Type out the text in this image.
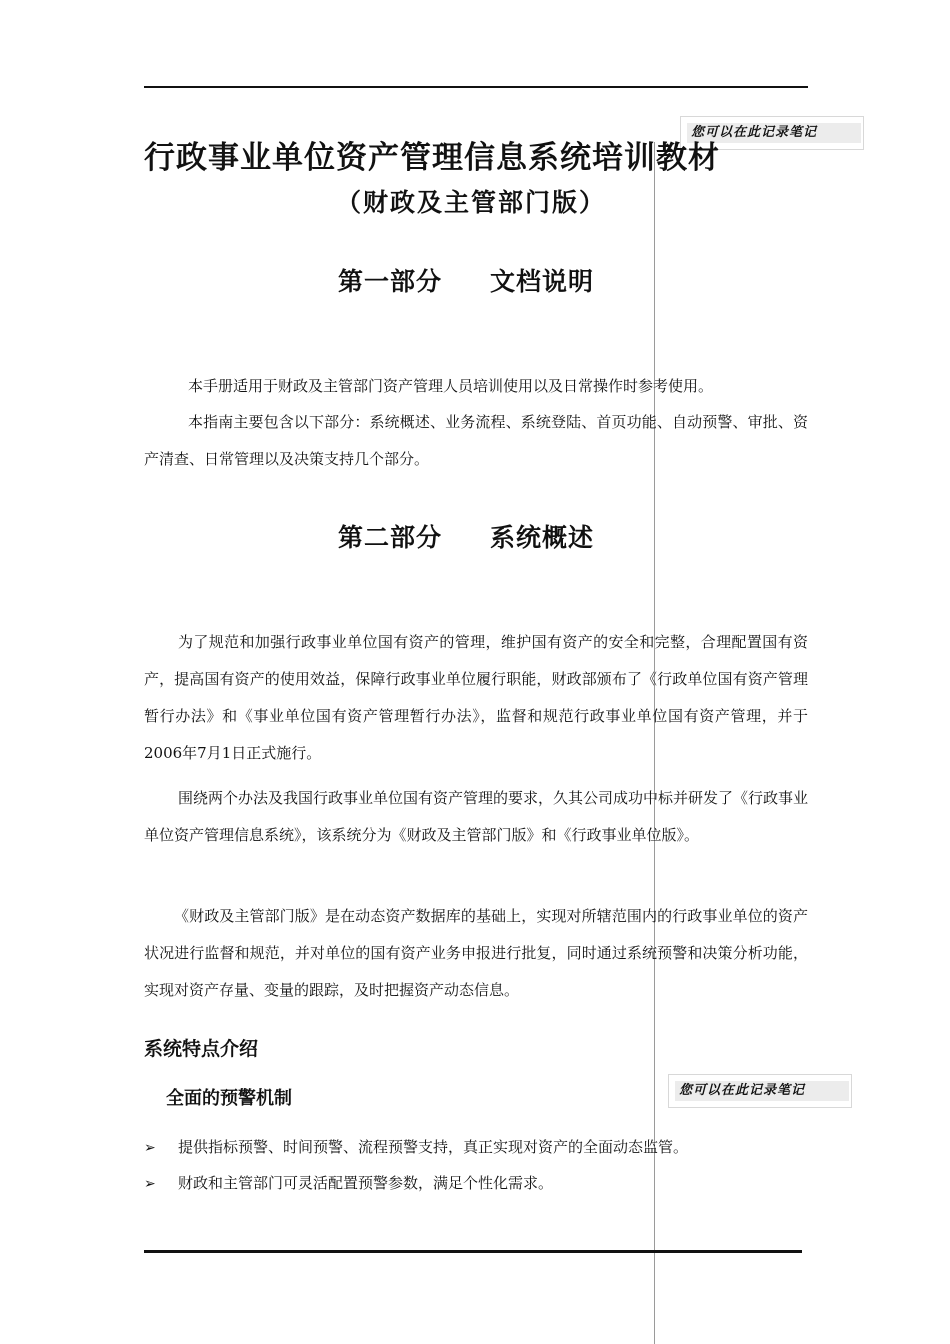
您可以在此记录笔记
行政事业单位资产管理信息系统培训教材
（财政及主管部门版）
第一部分 文档说明
本手册适用于财政及主管部门资产管理人员培训使用以及日常操作时参考使用。
本指南主要包含以下部分：系统概述、业务流程、系统登陆、首页功能、自动预警、审批、资产清查、日常管理以及决策支持几个部分。
第二部分 系统概述
为了规范和加强行政事业单位国有资产的管理，维护国有资产的安全和完整，合理配置国有资产，提高国有资产的使用效益，保障行政事业单位履行职能，财政部颁布了《行政单位国有资产管理暂行办法》和《事业单位国有资产管理暂行办法》，监督和规范行政事业单位国有资产管理，并于2006年7月1日正式施行。
围绕两个办法及我国行政事业单位国有资产管理的要求，久其公司成功中标并研发了《行政事业单位资产管理信息系统》，该系统分为《财政及主管部门版》和《行政事业单位版》。
《财政及主管部门版》是在动态资产数据库的基础上，实现对所辖范围内的行政事业单位的资产状况进行监督和规范，并对单位的国有资产业务申报进行批复，同时通过系统预警和决策分析功能，实现对资产存量、变量的跟踪，及时把握资产动态信息。
系统特点介绍
您可以在此记录笔记
全面的预警机制
➢ 提供指标预警、时间预警、流程预警支持，真正实现对资产的全面动态监管。
➢ 财政和主管部门可灵活配置预警参数，满足个性化需求。
